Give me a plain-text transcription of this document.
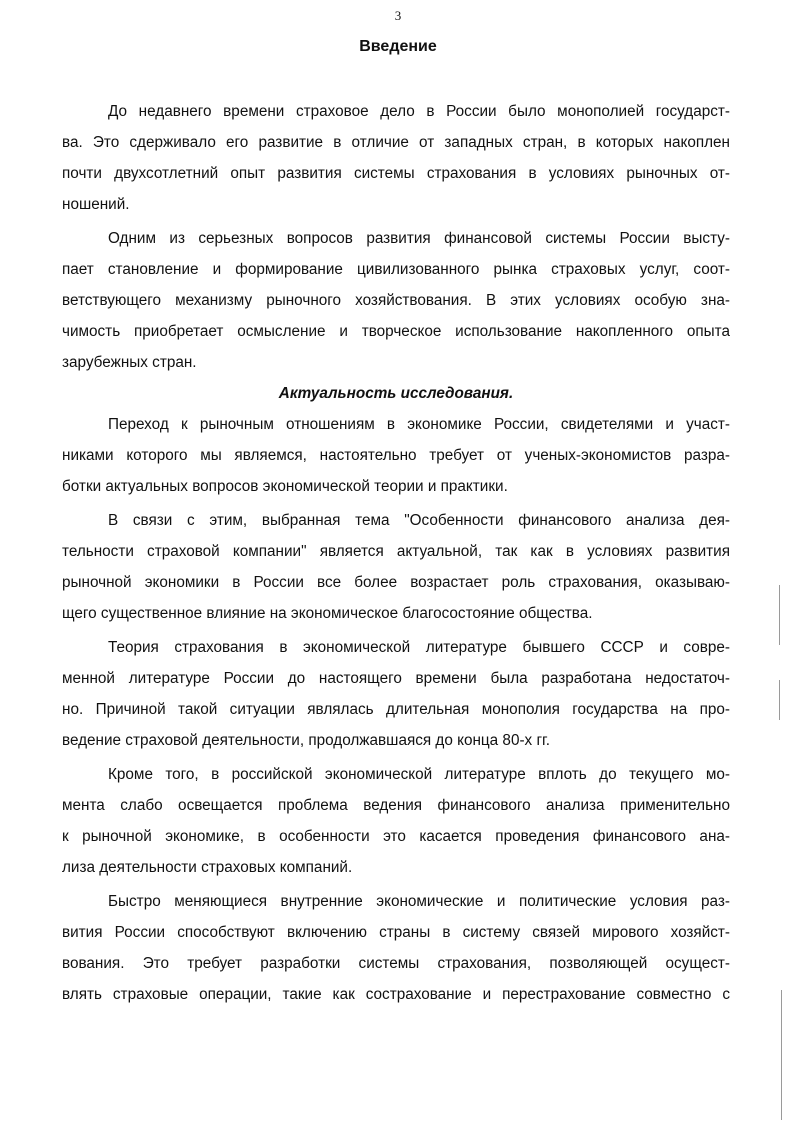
3
Введение
До недавнего времени страховое дело в России было монополией государст-
ва. Это сдерживало его развитие в отличие от западных стран, в которых накоплен
почти двухсотлетний опыт развития системы страхования в условиях рыночных от-
ношений.
Одним из серьезных вопросов развития финансовой системы России высту-
пает становление и формирование цивилизованного рынка страховых услуг, соот-
ветствующего механизму рыночного хозяйствования. В этих условиях особую зна-
чимость приобретает осмысление и творческое использование накопленного опыта
зарубежных стран.
Актуальность исследования.
Переход к рыночным отношениям в экономике России, свидетелями и участ-
никами которого мы являемся, настоятельно требует от ученых-экономистов разра-
ботки актуальных вопросов экономической теории и практики.
В связи с этим, выбранная тема "Особенности финансового анализа дея-
тельности страховой компании" является актуальной, так как в условиях развития
рыночной экономики в России все более возрастает роль страхования, оказываю-
щего существенное влияние на экономическое благосостояние общества.
Теория страхования в экономической литературе бывшего СССР и совре-
менной литературе России до настоящего времени была разработана недостаточ-
но. Причиной такой ситуации являлась длительная монополия государства на про-
ведение страховой деятельности, продолжавшаяся до конца 80-х гг.
Кроме того, в российской экономической литературе вплоть до текущего мо-
мента слабо освещается проблема ведения финансового анализа применительно
к рыночной экономике, в особенности это касается проведения финансового ана-
лиза деятельности страховых компаний.
Быстро меняющиеся внутренние экономические и политические условия раз-
вития России способствуют включению страны в систему связей мирового хозяйст-
вования. Это требует разработки системы страхования, позволяющей осущест-
влять страховые операции, такие как сострахование и перестрахование совместно с
